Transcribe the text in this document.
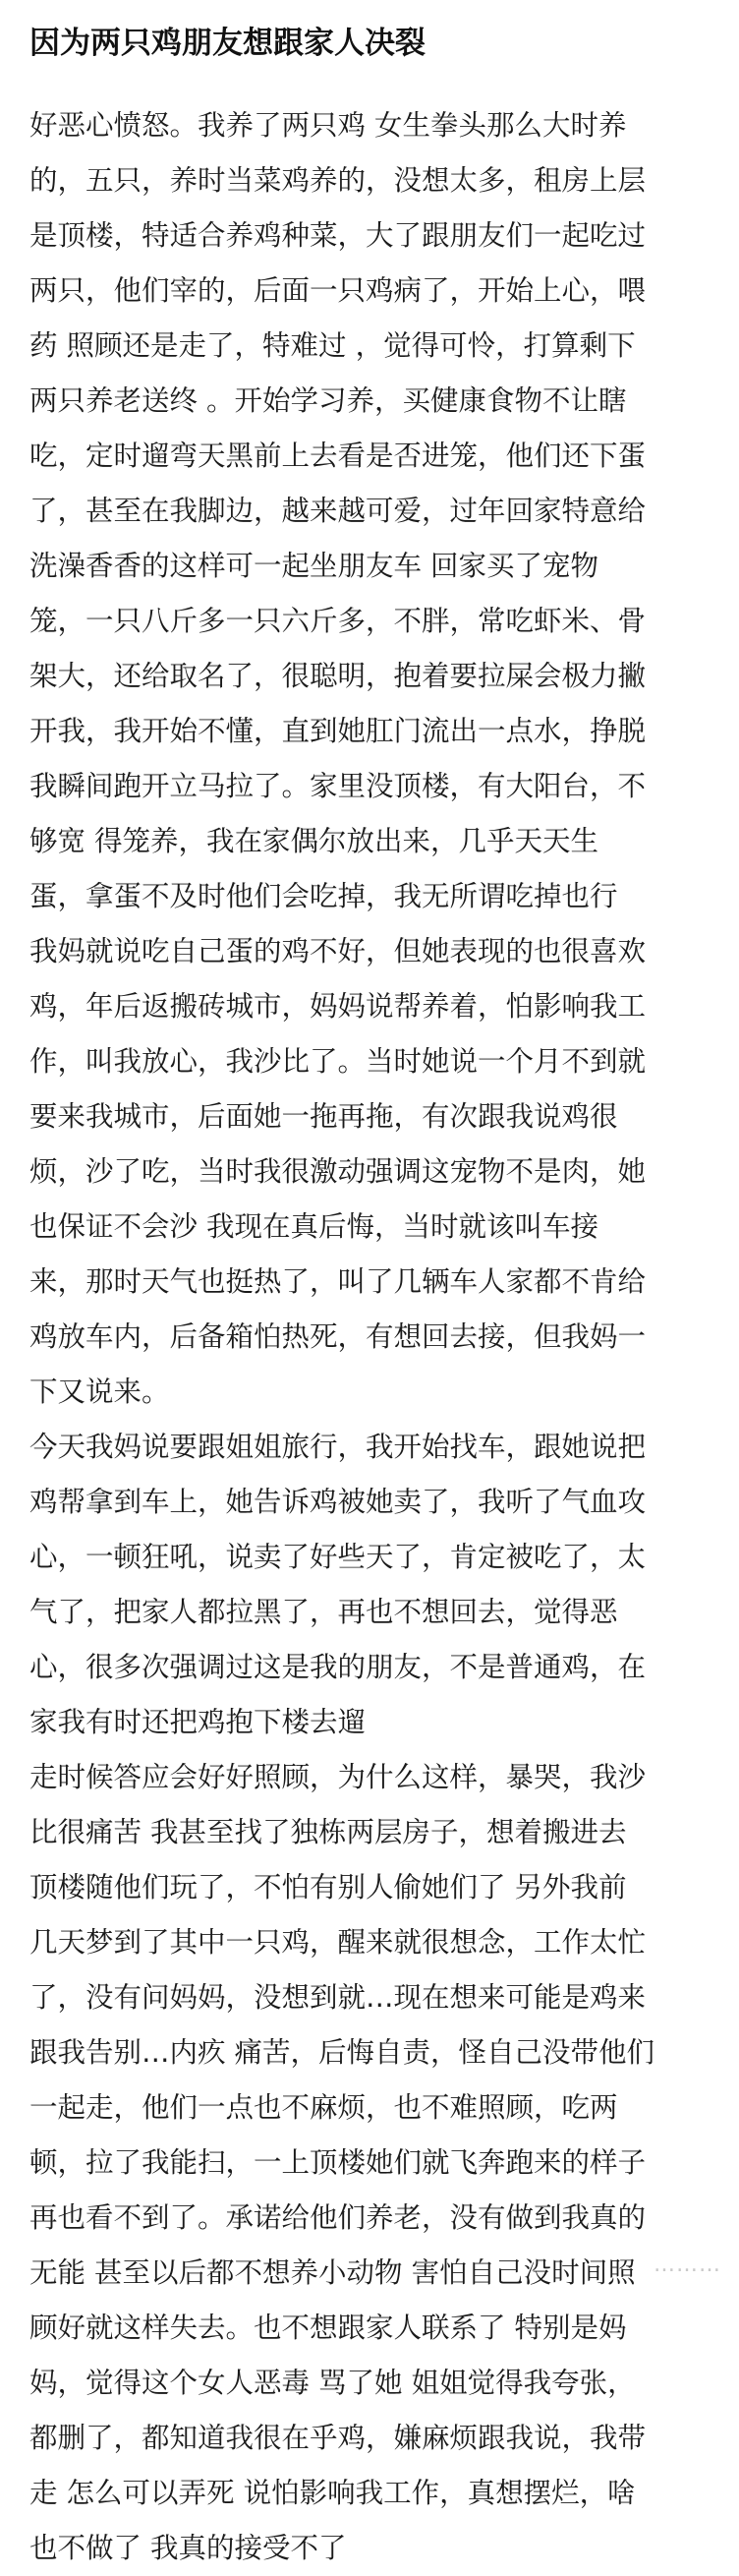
因为两只鸡朋友想跟家人决裂

好恶心愤怒。我养了两只鸡 女生拳头那么大时养

的，五只，养时当菜鸡养的，没想太多，租房上层

是顶楼，特适合养鸡种菜，大了跟朋友们一起吃过

两只，他们宰的，后面一只鸡病了，开始上心，喂

药 照顾还是走了，特难过 ，觉得可怜，打算剩下

两只养老送终 。开始学习养，买健康食物不让瞎

吃，定时遛弯天黑前上去看是否进笼，他们还下蛋

了，甚至在我脚边，越来越可爱，过年回家特意给

洗澡香香的这样可一起坐朋友车 回家买了宠物

笼，一只八斤多一只六斤多，不胖，常吃虾米、骨

架大，还给取名了，很聪明，抱着要拉屎会极力撇

开我，我开始不懂，直到她肛门流出一点水，挣脱

我瞬间跑开立马拉了。家里没顶楼，有大阳台，不

够宽 得笼养，我在家偶尔放出来，几乎天天生

蛋，拿蛋不及时他们会吃掉，我无所谓吃掉也行

我妈就说吃自己蛋的鸡不好，但她表现的也很喜欢

鸡，年后返搬砖城市，妈妈说帮养着，怕影响我工

作，叫我放心，我沙比了。当时她说一个月不到就

要来我城市，后面她一拖再拖，有次跟我说鸡很

烦，沙了吃，当时我很激动强调这宠物不是肉，她

也保证不会沙 我现在真后悔，当时就该叫车接

来，那时天气也挺热了，叫了几辆车人家都不肯给

鸡放车内，后备箱怕热死，有想回去接，但我妈一

下又说来。

今天我妈说要跟姐姐旅行，我开始找车，跟她说把

鸡帮拿到车上，她告诉鸡被她卖了，我听了气血攻

心，一顿狂吼，说卖了好些天了，肯定被吃了，太

气了，把家人都拉黑了，再也不想回去，觉得恶

心，很多次强调过这是我的朋友，不是普通鸡，在

家我有时还把鸡抱下楼去遛

走时候答应会好好照顾，为什么这样，暴哭，我沙

比很痛苦 我甚至找了独栋两层房子，想着搬进去

顶楼随他们玩了，不怕有别人偷她们了 另外我前

几天梦到了其中一只鸡，醒来就很想念，工作太忙

了，没有问妈妈，没想到就…现在想来可能是鸡来

跟我告别…内疚 痛苦，后悔自责，怪自己没带他们

一起走，他们一点也不麻烦，也不难照顾，吃两

顿，拉了我能扫，一上顶楼她们就飞奔跑来的样子

再也看不到了。承诺给他们养老，没有做到我真的

无能 甚至以后都不想养小动物 害怕自己没时间照

顾好就这样失去。也不想跟家人联系了 特别是妈

妈，觉得这个女人恶毒 骂了她 姐姐觉得我夸张，

都删了，都知道我很在乎鸡，嫌麻烦跟我说，我带

走 怎么可以弄死 说怕影响我工作，真想摆烂，啥

也不做了 我真的接受不了

………
